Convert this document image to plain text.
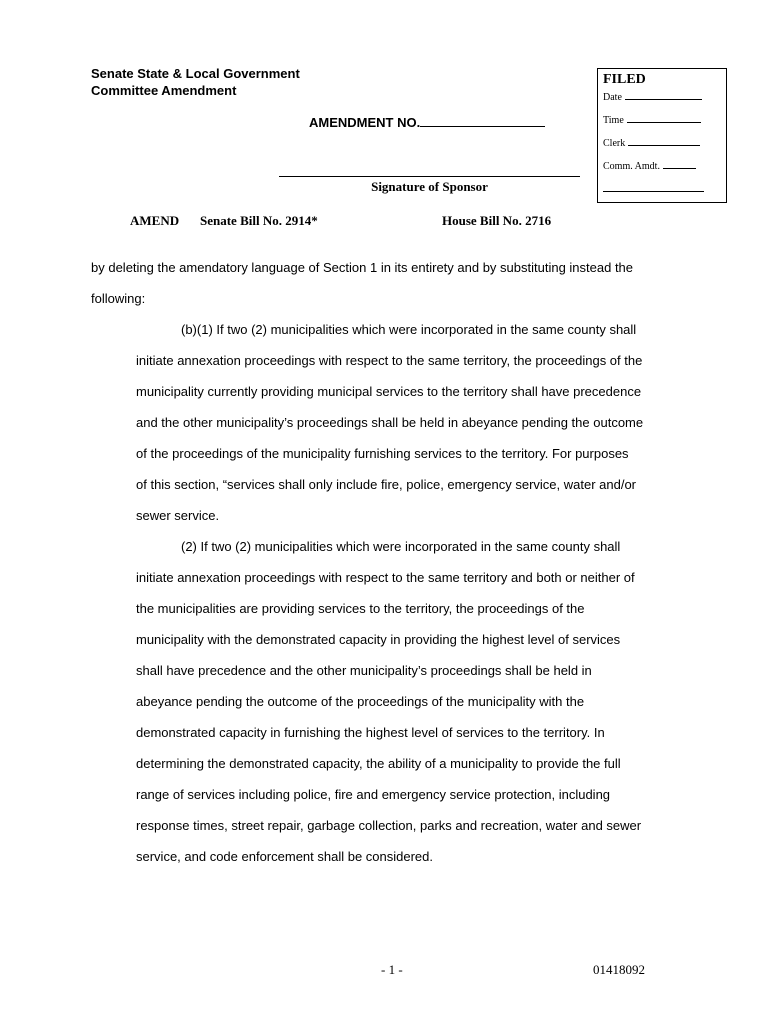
Senate State & Local Government
Committee Amendment
FILED
Date
Time
Clerk
Comm. Amdt.
AMENDMENT NO.
Signature of Sponsor
AMEND Senate Bill No. 2914*	House Bill No. 2716
by deleting the amendatory language of Section 1 in its entirety and by substituting instead the
following:
(b)(1) If two (2) municipalities which were incorporated in the same county shall
initiate annexation proceedings with respect to the same territory, the proceedings of the
municipality currently providing municipal services to the territory shall have precedence
and the other municipality’s proceedings shall be held in abeyance pending the outcome
of the proceedings of the municipality furnishing services to the territory. For purposes
of this section, “services shall only include fire, police, emergency service, water and/or
sewer service.
(2) If two (2) municipalities which were incorporated in the same county shall
initiate annexation proceedings with respect to the same territory and both or neither of
the municipalities are providing services to the territory, the proceedings of the
municipality with the demonstrated capacity in providing the highest level of services
shall have precedence and the other municipality’s proceedings shall be held in
abeyance pending the outcome of the proceedings of the municipality with the
demonstrated capacity in furnishing the highest level of services to the territory. In
determining the demonstrated capacity, the ability of a municipality to provide the full
range of services including police, fire and emergency service protection, including
response times, street repair, garbage collection, parks and recreation, water and sewer
service, and code enforcement shall be considered.
- 1 -	01418092
